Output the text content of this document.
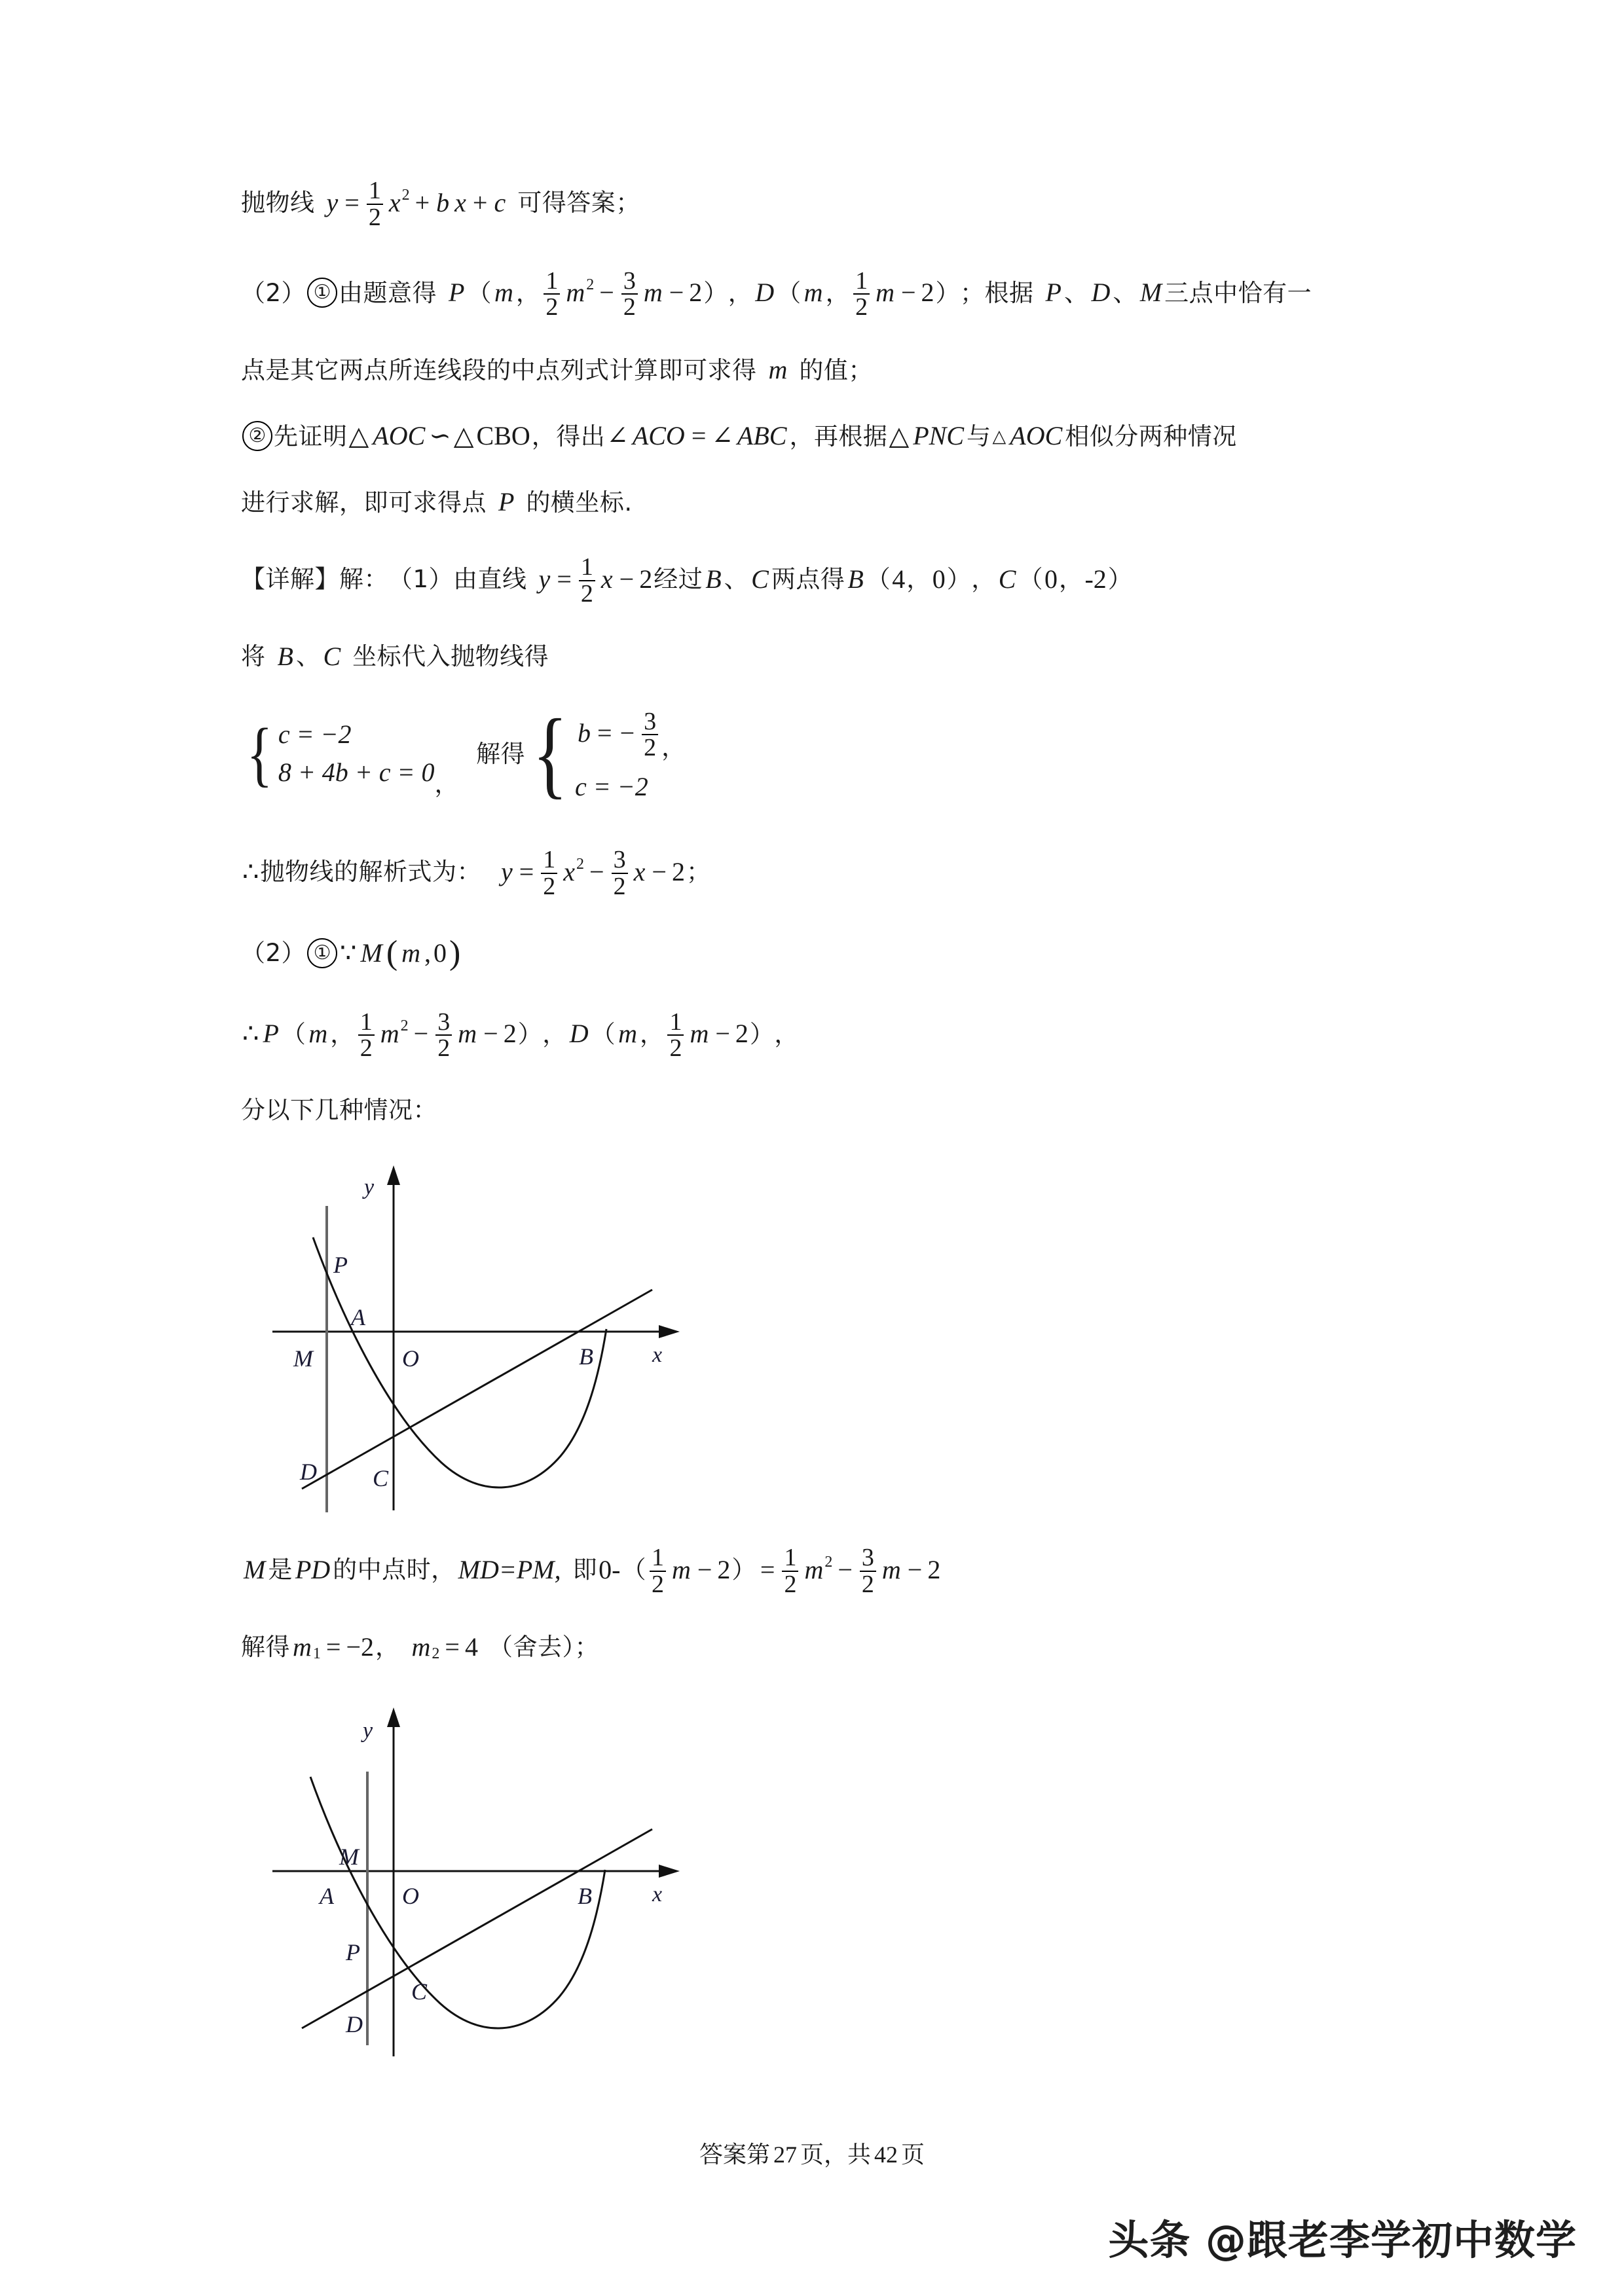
抛物线 $y = \frac{1}{2}$ x 2 + b x + c 可得答案；
（2） ① 由题意得 P （ m ， $\frac{1}{2}$ m $2 - \frac{3}{2}$ m − 2 ） ， D （ m ， $\frac{1}{2}$ m − 2 ） ； 根据 P 、 D 、 M 三点中恰有一
点是其它两点所连线段的中点列式计算即可求得 m 的值；
② 先证明 △ AOC ∽ △ CBO ， 得出 ∠ ACO = ∠ ABC ， 再根据 △ PNC 与 △ AOC 相似分两种情况
进行求解，即可求得点 P 的横坐标.
【详解】 解： （1） 由直线 $y = \frac{1}{2}$ x − 2 经过 B 、 C 两点得 B （ 4 ， 0 ） ， C （ 0 ， -2 ）
将 B 、 C 坐标代入抛物线得
{ c = −2
8 + 4b + c = 0 ，
解得 { b = − $\frac{3}{2}$ ，
c = −2
∴ 抛物线的解析式为： $y = \frac{1}{2}$ x $2 - \frac{3}{2}$ x − 2 ；
（2） ① ∵ M ( m , 0 )
∴ P （ m ， $\frac{1}{2}$ m $2 - \frac{3}{2}$ m − 2 ） ， D （ m ， $\frac{1}{2}$ m − 2 ） ，
分以下几种情况：
y
P
A
M	O	B	x
D C
M 是 PD 的中点时， MD=PM, 即 0- （ $\frac{1}{2}$ m − 2 ） = $\frac{1}{2}$ m $2 - \frac{3}{2}$ m − 2
解得 m 1 = −2 ， m 2 = 4 （舍去）；
y
M
A	O	B	x
P
C
D
答案第 27 页，共 42 页
头条 @跟老李学初中数学
